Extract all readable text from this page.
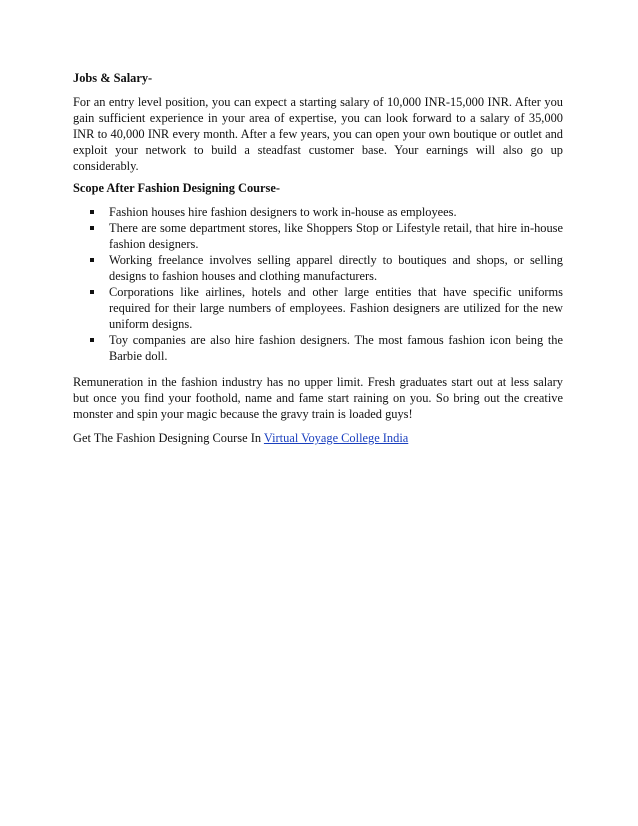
Jobs & Salary-

For an entry level position, you can expect a starting salary of 10,000 INR-15,000 INR. After you gain sufficient experience in your area of expertise, you can look forward to a salary of 35,000 INR to 40,000 INR every month. After a few years, you can open your own boutique or outlet and exploit your network to build a steadfast customer base. Your earnings will also go up considerably.

Scope After Fashion Designing Course-

Fashion houses hire fashion designers to work in-house as employees.
There are some department stores, like Shoppers Stop or Lifestyle retail, that hire in-house fashion designers.
Working freelance involves selling apparel directly to boutiques and shops, or selling designs to fashion houses and clothing manufacturers.
Corporations like airlines, hotels and other large entities that have specific uniforms required for their large numbers of employees. Fashion designers are utilized for the new uniform designs.
Toy companies are also hire fashion designers. The most famous fashion icon being the Barbie doll.

Remuneration in the fashion industry has no upper limit. Fresh graduates start out at less salary but once you find your foothold, name and fame start raining on you. So bring out the creative monster and spin your magic because the gravy train is loaded guys!

Get The Fashion Designing Course In Virtual Voyage College India
